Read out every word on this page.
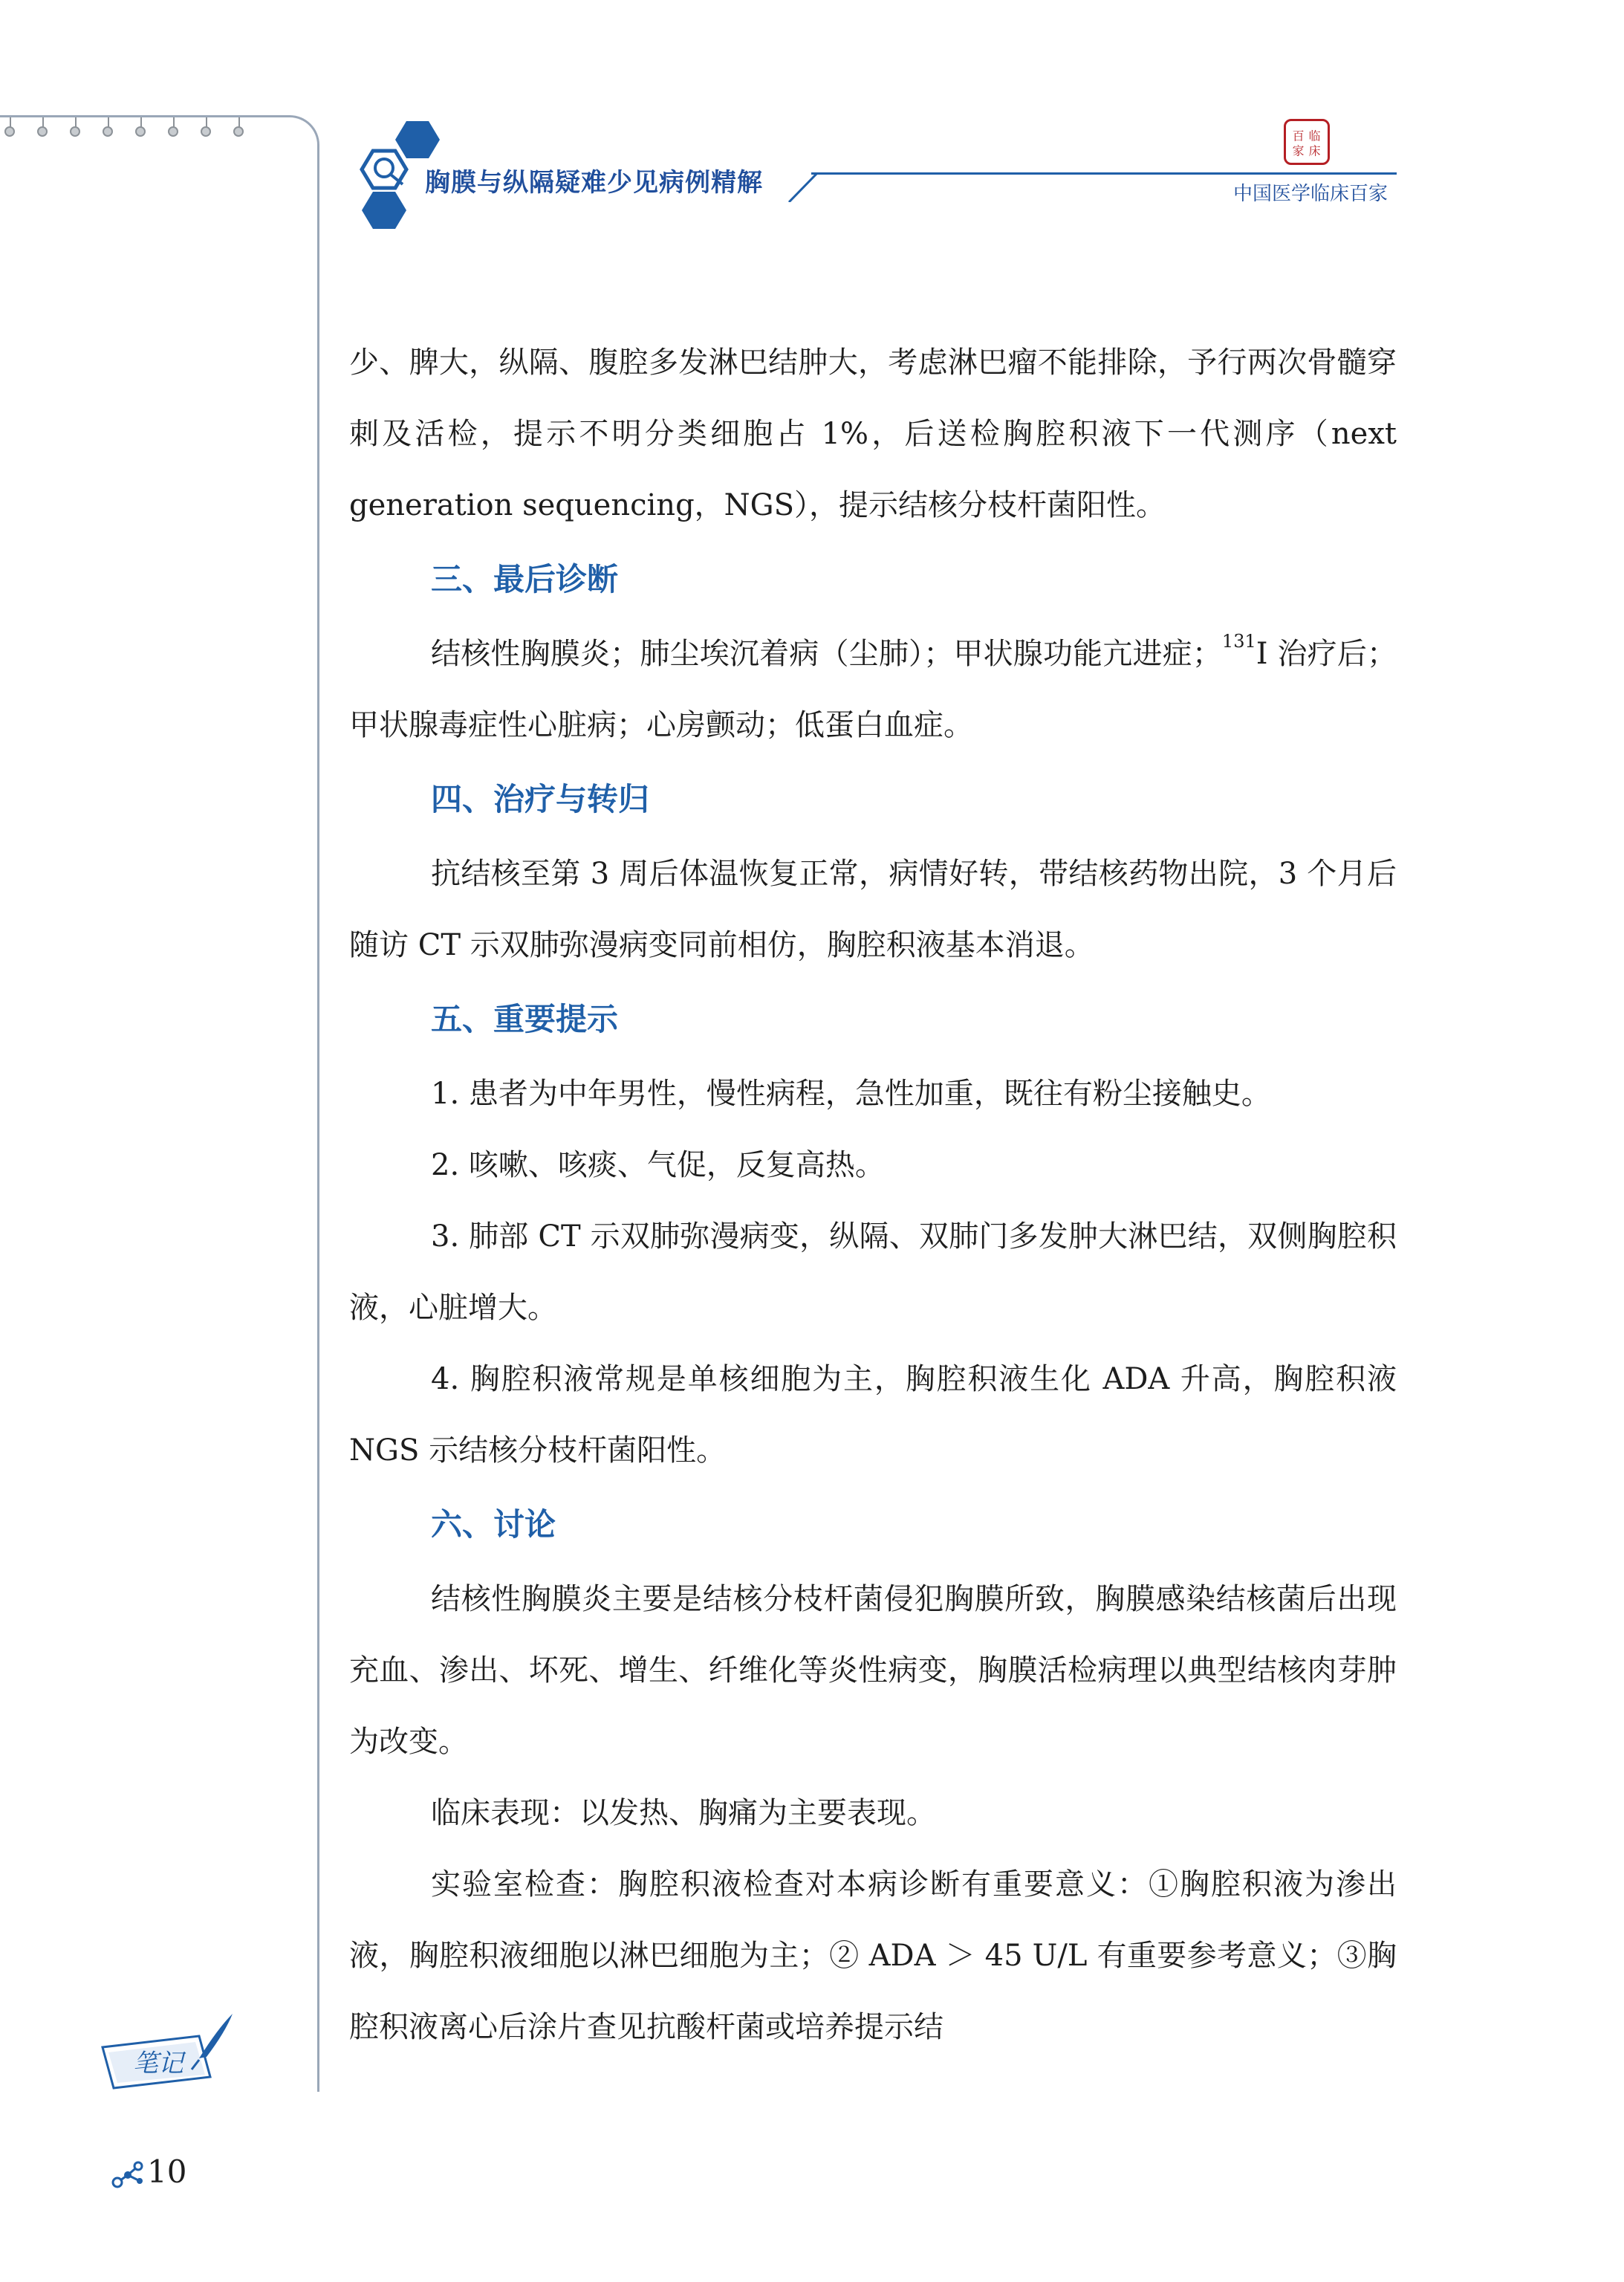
胸膜与纵隔疑难少见病例精解
百 临
家 床
中国医学临床百家

少、脾大，纵隔、腹腔多发淋巴结肿大，考虑淋巴瘤不能排除，予行两次骨髓穿刺及活检，提示不明分类细胞占 1%，后送检胸腔积液下一代测序（next generation sequencing，NGS），提示结核分枝杆菌阳性。

三、最后诊断

结核性胸膜炎；肺尘埃沉着病（尘肺）；甲状腺功能亢进症；$^{131}$I 治疗后；甲状腺毒症性心脏病；心房颤动；低蛋白血症。

四、治疗与转归

抗结核至第 3 周后体温恢复正常，病情好转，带结核药物出院，3 个月后随访 CT 示双肺弥漫病变同前相仿，胸腔积液基本消退。

五、重要提示

1. 患者为中年男性，慢性病程，急性加重，既往有粉尘接触史。

2. 咳嗽、咳痰、气促，反复高热。

3. 肺部 CT 示双肺弥漫病变，纵隔、双肺门多发肿大淋巴结，双侧胸腔积液，心脏增大。

4. 胸腔积液常规是单核细胞为主，胸腔积液生化 ADA 升高，胸腔积液 NGS 示结核分枝杆菌阳性。

六、讨论

结核性胸膜炎主要是结核分枝杆菌侵犯胸膜所致，胸膜感染结核菌后出现充血、渗出、坏死、增生、纤维化等炎性病变，胸膜活检病理以典型结核肉芽肿为改变。

临床表现：以发热、胸痛为主要表现。

实验室检查：胸腔积液检查对本病诊断有重要意义：①胸腔积液为渗出液，胸腔积液细胞以淋巴细胞为主；② ADA ＞ 45 U/L 有重要参考意义；③胸腔积液离心后涂片查见抗酸杆菌或培养提示结

笔记
10
